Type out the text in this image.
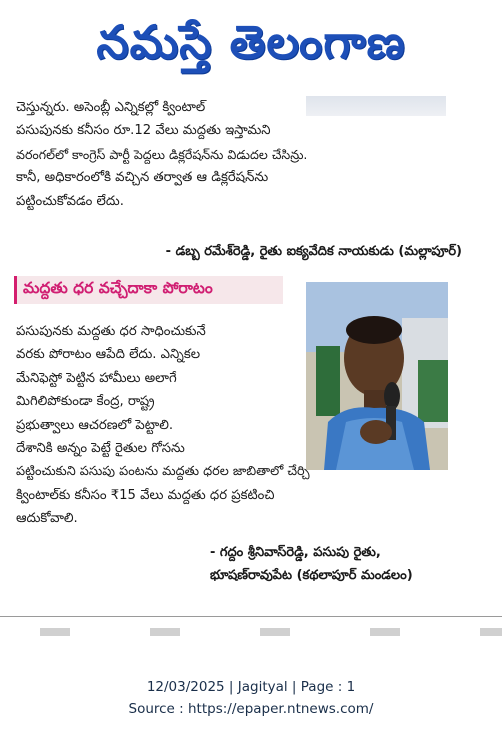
నమస్తే తెలంగాణ
చెస్తున్నరు. అసెంబ్లీ ఎన్నికల్లో క్వింటాల్
పసుపునకు కనీసం రూ.12 వేలు మద్దతు ఇస్తామని
వరంగల్‌లో కాంగ్రెస్ పార్టీ పెద్దలు డిక్లరేషన్‌ను విడుదల చేసిన్రు.
కానీ, అధికారంలోకి వచ్చిన తర్వాత ఆ డిక్లరేషన్‌ను
పట్టించుకోవడం లేదు.
- డబ్బ రమేశ్‌రెడ్డి, రైతు ఐక్యవేదిక నాయకుడు (మల్లాపూర్)
మద్దతు ధర వచ్చేదాకా పోరాటం
పసుపునకు మద్దతు ధర సాధించుకునే
వరకు పోరాటం ఆపేది లేదు. ఎన్నికల
మేనిఫెస్టో పెట్టిన హామీలు అలాగే
మిగిలిపోకుండా కేంద్ర, రాష్ట్ర
ప్రభుత్వాలు ఆచరణలో పెట్టాలి.
దేశానికి అన్నం పెట్టే రైతుల గోసను
పట్టించుకుని పసుపు పంటను మద్దతు ధరల జాబితాలో చేర్చి
క్వింటాల్‌కు కనీసం ₹15 వేలు మద్దతు ధర ప్రకటించి
ఆదుకోవాలి.
- గద్దం శ్రీనివాస్‌రెడ్డి, పసుపు రైతు,
భూషణ్‌రావుపేట (కథలాపూర్ మండలం)
12/03/2025 | Jagityal | Page : 1
Source : https://epaper.ntnews.com/
